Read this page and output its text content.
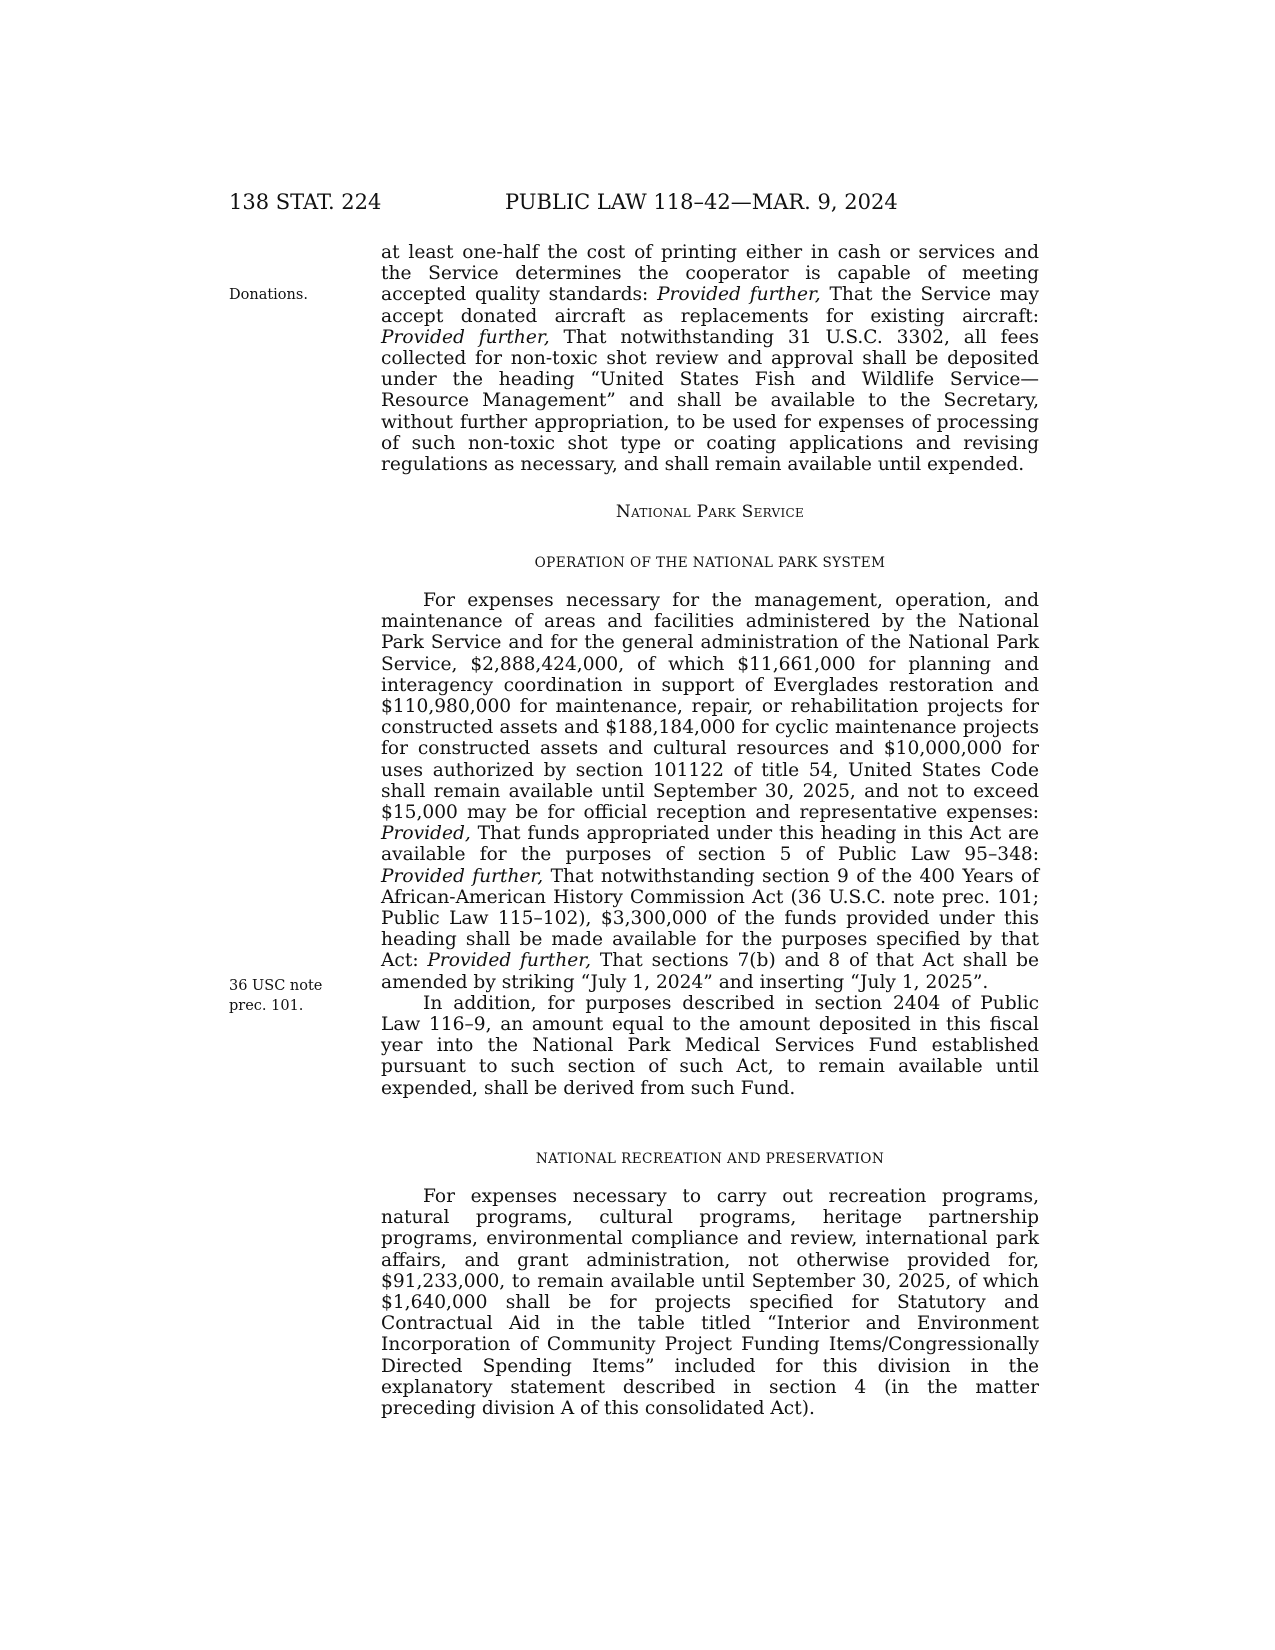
138 STAT. 224	PUBLIC LAW 118–42—MAR. 9, 2024
Donations.
36 USC note prec. 101.

at least one-half the cost of printing either in cash or services and the Service determines the cooperator is capable of meeting accepted quality standards: Provided further, That the Service may accept donated aircraft as replacements for existing aircraft: Provided further, That notwithstanding 31 U.S.C. 3302, all fees collected for non-toxic shot review and approval shall be deposited under the heading “United States Fish and Wildlife Service—Resource Management” and shall be available to the Secretary, without further appropriation, to be used for expenses of processing of such non-toxic shot type or coating applications and revising regulations as necessary, and shall remain available until expended.

National Park Service
OPERATION OF THE NATIONAL PARK SYSTEM

For expenses necessary for the management, operation, and maintenance of areas and facilities administered by the National Park Service and for the general administration of the National Park Service, $2,888,424,000, of which $11,661,000 for planning and interagency coordination in support of Everglades restoration and $110,980,000 for maintenance, repair, or rehabilitation projects for constructed assets and $188,184,000 for cyclic maintenance projects for constructed assets and cultural resources and $10,000,000 for uses authorized by section 101122 of title 54, United States Code shall remain available until September 30, 2025, and not to exceed $15,000 may be for official reception and representative expenses: Provided, That funds appropriated under this heading in this Act are available for the purposes of section 5 of Public Law 95–348: Provided further, That notwithstanding section 9 of the 400 Years of African-American History Commission Act (36 U.S.C. note prec. 101; Public Law 115–102), $3,300,000 of the funds provided under this heading shall be made available for the purposes specified by that Act: Provided further, That sections 7(b) and 8 of that Act shall be amended by striking “July 1, 2024” and inserting “July 1, 2025”.

In addition, for purposes described in section 2404 of Public Law 116–9, an amount equal to the amount deposited in this fiscal year into the National Park Medical Services Fund established pursuant to such section of such Act, to remain available until expended, shall be derived from such Fund.

NATIONAL RECREATION AND PRESERVATION

For expenses necessary to carry out recreation programs, natural programs, cultural programs, heritage partnership programs, environmental compliance and review, international park affairs, and grant administration, not otherwise provided for, $91,233,000, to remain available until September 30, 2025, of which $1,640,000 shall be for projects specified for Statutory and Contractual Aid in the table titled “Interior and Environment Incorporation of Community Project Funding Items/Congressionally Directed Spending Items” included for this division in the explanatory statement described in section 4 (in the matter preceding division A of this consolidated Act).
